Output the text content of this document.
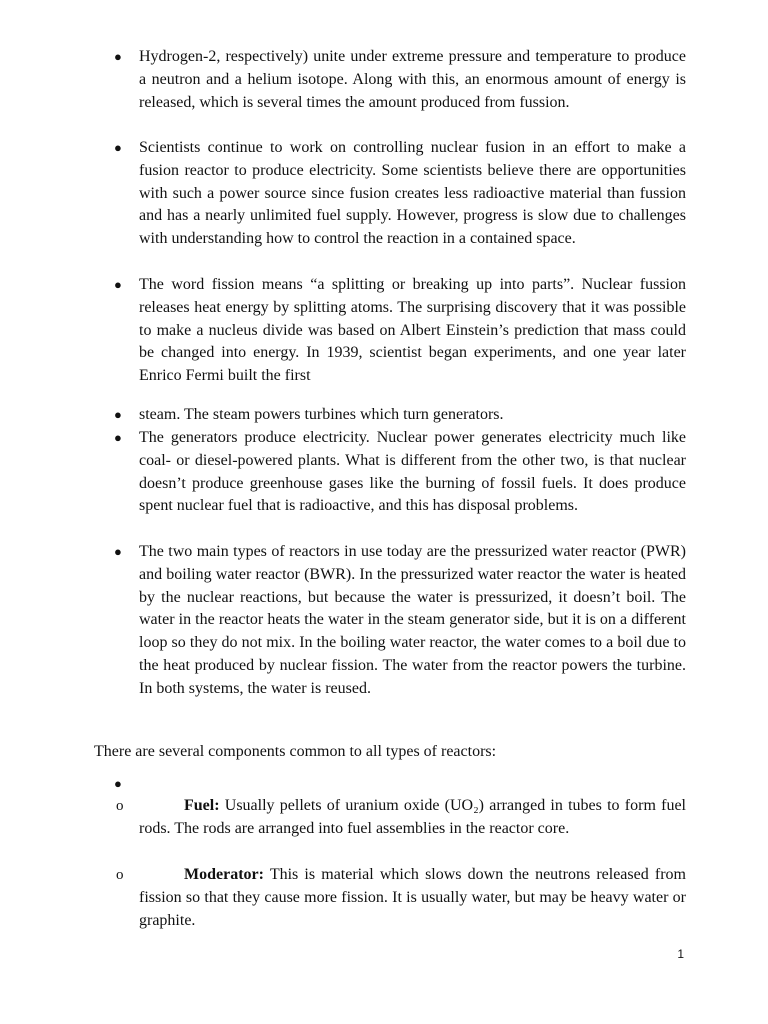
● Hydrogen-2, respectively) unite under extreme pressure and temperature to produce a neutron and a helium isotope. Along with this, an enormous amount of energy is released, which is several times the amount produced from fussion.
● Scientists continue to work on controlling nuclear fusion in an effort to make a fusion reactor to produce electricity. Some scientists believe there are opportunities with such a power source since fusion creates less radioactive material than fussion and has a nearly unlimited fuel supply. However, progress is slow due to challenges with understanding how to control the reaction in a contained space.
● The word fission means “a splitting or breaking up into parts”. Nuclear fussion releases heat energy by splitting atoms. The surprising discovery that it was possible to make a nucleus divide was based on Albert Einstein’s prediction that mass could be changed into energy. In 1939, scientist began experiments, and one year later Enrico Fermi built the first
● steam. The steam powers turbines which turn generators.
● The generators produce electricity. Nuclear power generates electricity much like coal- or diesel-powered plants. What is different from the other two, is that nuclear doesn’t produce greenhouse gases like the burning of fossil fuels. It does produce spent nuclear fuel that is radioactive, and this has disposal problems.
● The two main types of reactors in use today are the pressurized water reactor (PWR) and boiling water reactor (BWR). In the pressurized water reactor the water is heated by the nuclear reactions, but because the water is pressurized, it doesn’t boil. The water in the reactor heats the water in the steam generator side, but it is on a different loop so they do not mix. In the boiling water reactor, the water comes to a boil due to the heat produced by nuclear fission. The water from the reactor powers the turbine. In both systems, the water is reused.
There are several components common to all types of reactors:
●
o	Fuel: Usually pellets of uranium oxide (UO₂) arranged in tubes to form fuel rods. The rods are arranged into fuel assemblies in the reactor core.
o	Moderator: This is material which slows down the neutrons released from fission so that they cause more fission. It is usually water, but may be heavy water or graphite.
1
